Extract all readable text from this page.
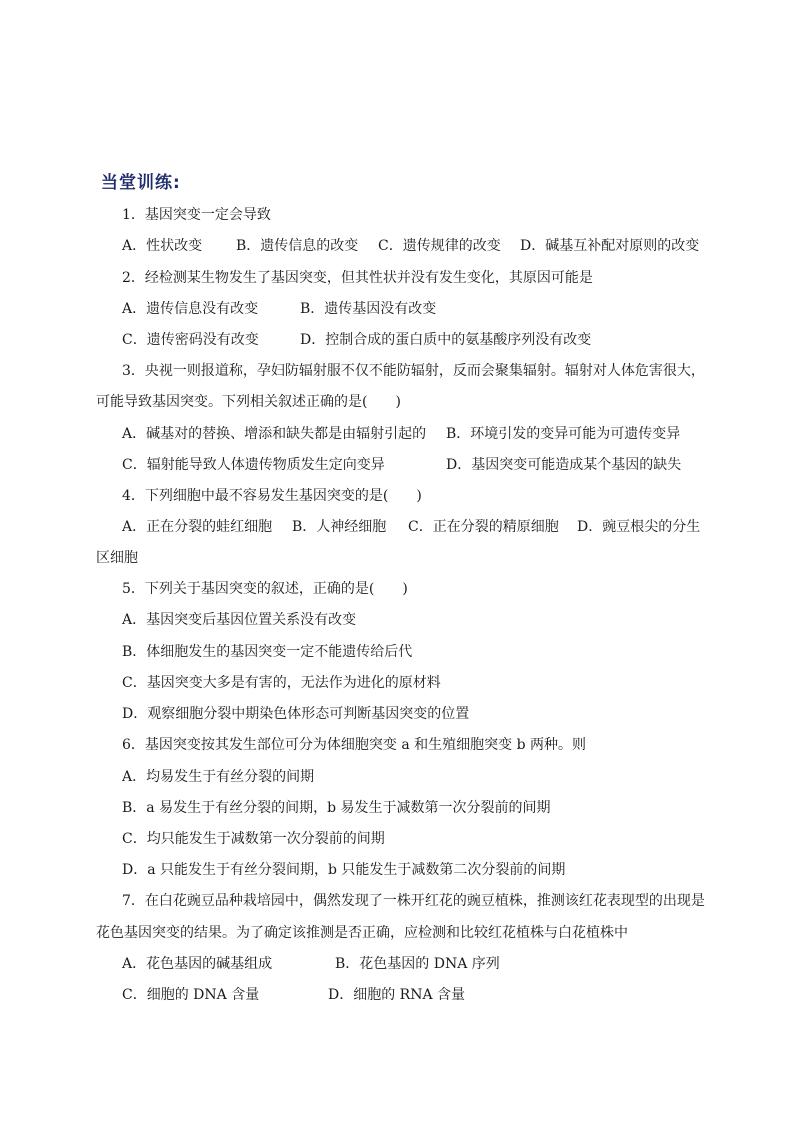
当堂训练:
1．基因突变一定会导致
A．性状改变 B．遗传信息的改变 C．遗传规律的改变 D．碱基互补配对原则的改变
2．经检测某生物发生了基因突变，但其性状并没有发生变化，其原因可能是
A．遗传信息没有改变	B．遗传基因没有改变
C．遗传密码没有改变	D．控制合成的蛋白质中的氨基酸序列没有改变
3．央视一则报道称，孕妇防辐射服不仅不能防辐射，反而会聚集辐射。辐射对人体危害很大，
可能导致基因突变。下列相关叙述正确的是(　　)
A．碱基对的替换、增添和缺失都是由辐射引起的 B．环境引发的变异可能为可遗传变异
C．辐射能导致人体遗传物质发生定向变异	D．基因突变可能造成某个基因的缺失
4．下列细胞中最不容易发生基因突变的是(　　)
A．正在分裂的蛙红细胞 B．人神经细胞 C．正在分裂的精原细胞 D．豌豆根尖的分生
区细胞
5．下列关于基因突变的叙述，正确的是(　　)
A．基因突变后基因位置关系没有改变
B．体细胞发生的基因突变一定不能遗传给后代
C．基因突变大多是有害的，无法作为进化的原材料
D．观察细胞分裂中期染色体形态可判断基因突变的位置
6．基因突变按其发生部位可分为体细胞突变 a 和生殖细胞突变 b 两种。则
A．均易发生于有丝分裂的间期
B．a 易发生于有丝分裂的间期，b 易发生于减数第一次分裂前的间期
C．均只能发生于减数第一次分裂前的间期
D．a 只能发生于有丝分裂间期，b 只能发生于减数第二次分裂前的间期
7．在白花豌豆品种栽培园中，偶然发现了一株开红花的豌豆植株，推测该红花表现型的出现是
花色基因突变的结果。为了确定该推测是否正确，应检测和比较红花植株与白花植株中
A．花色基因的碱基组成	B．花色基因的 DNA 序列
C．细胞的 DNA 含量	D．细胞的 RNA 含量
